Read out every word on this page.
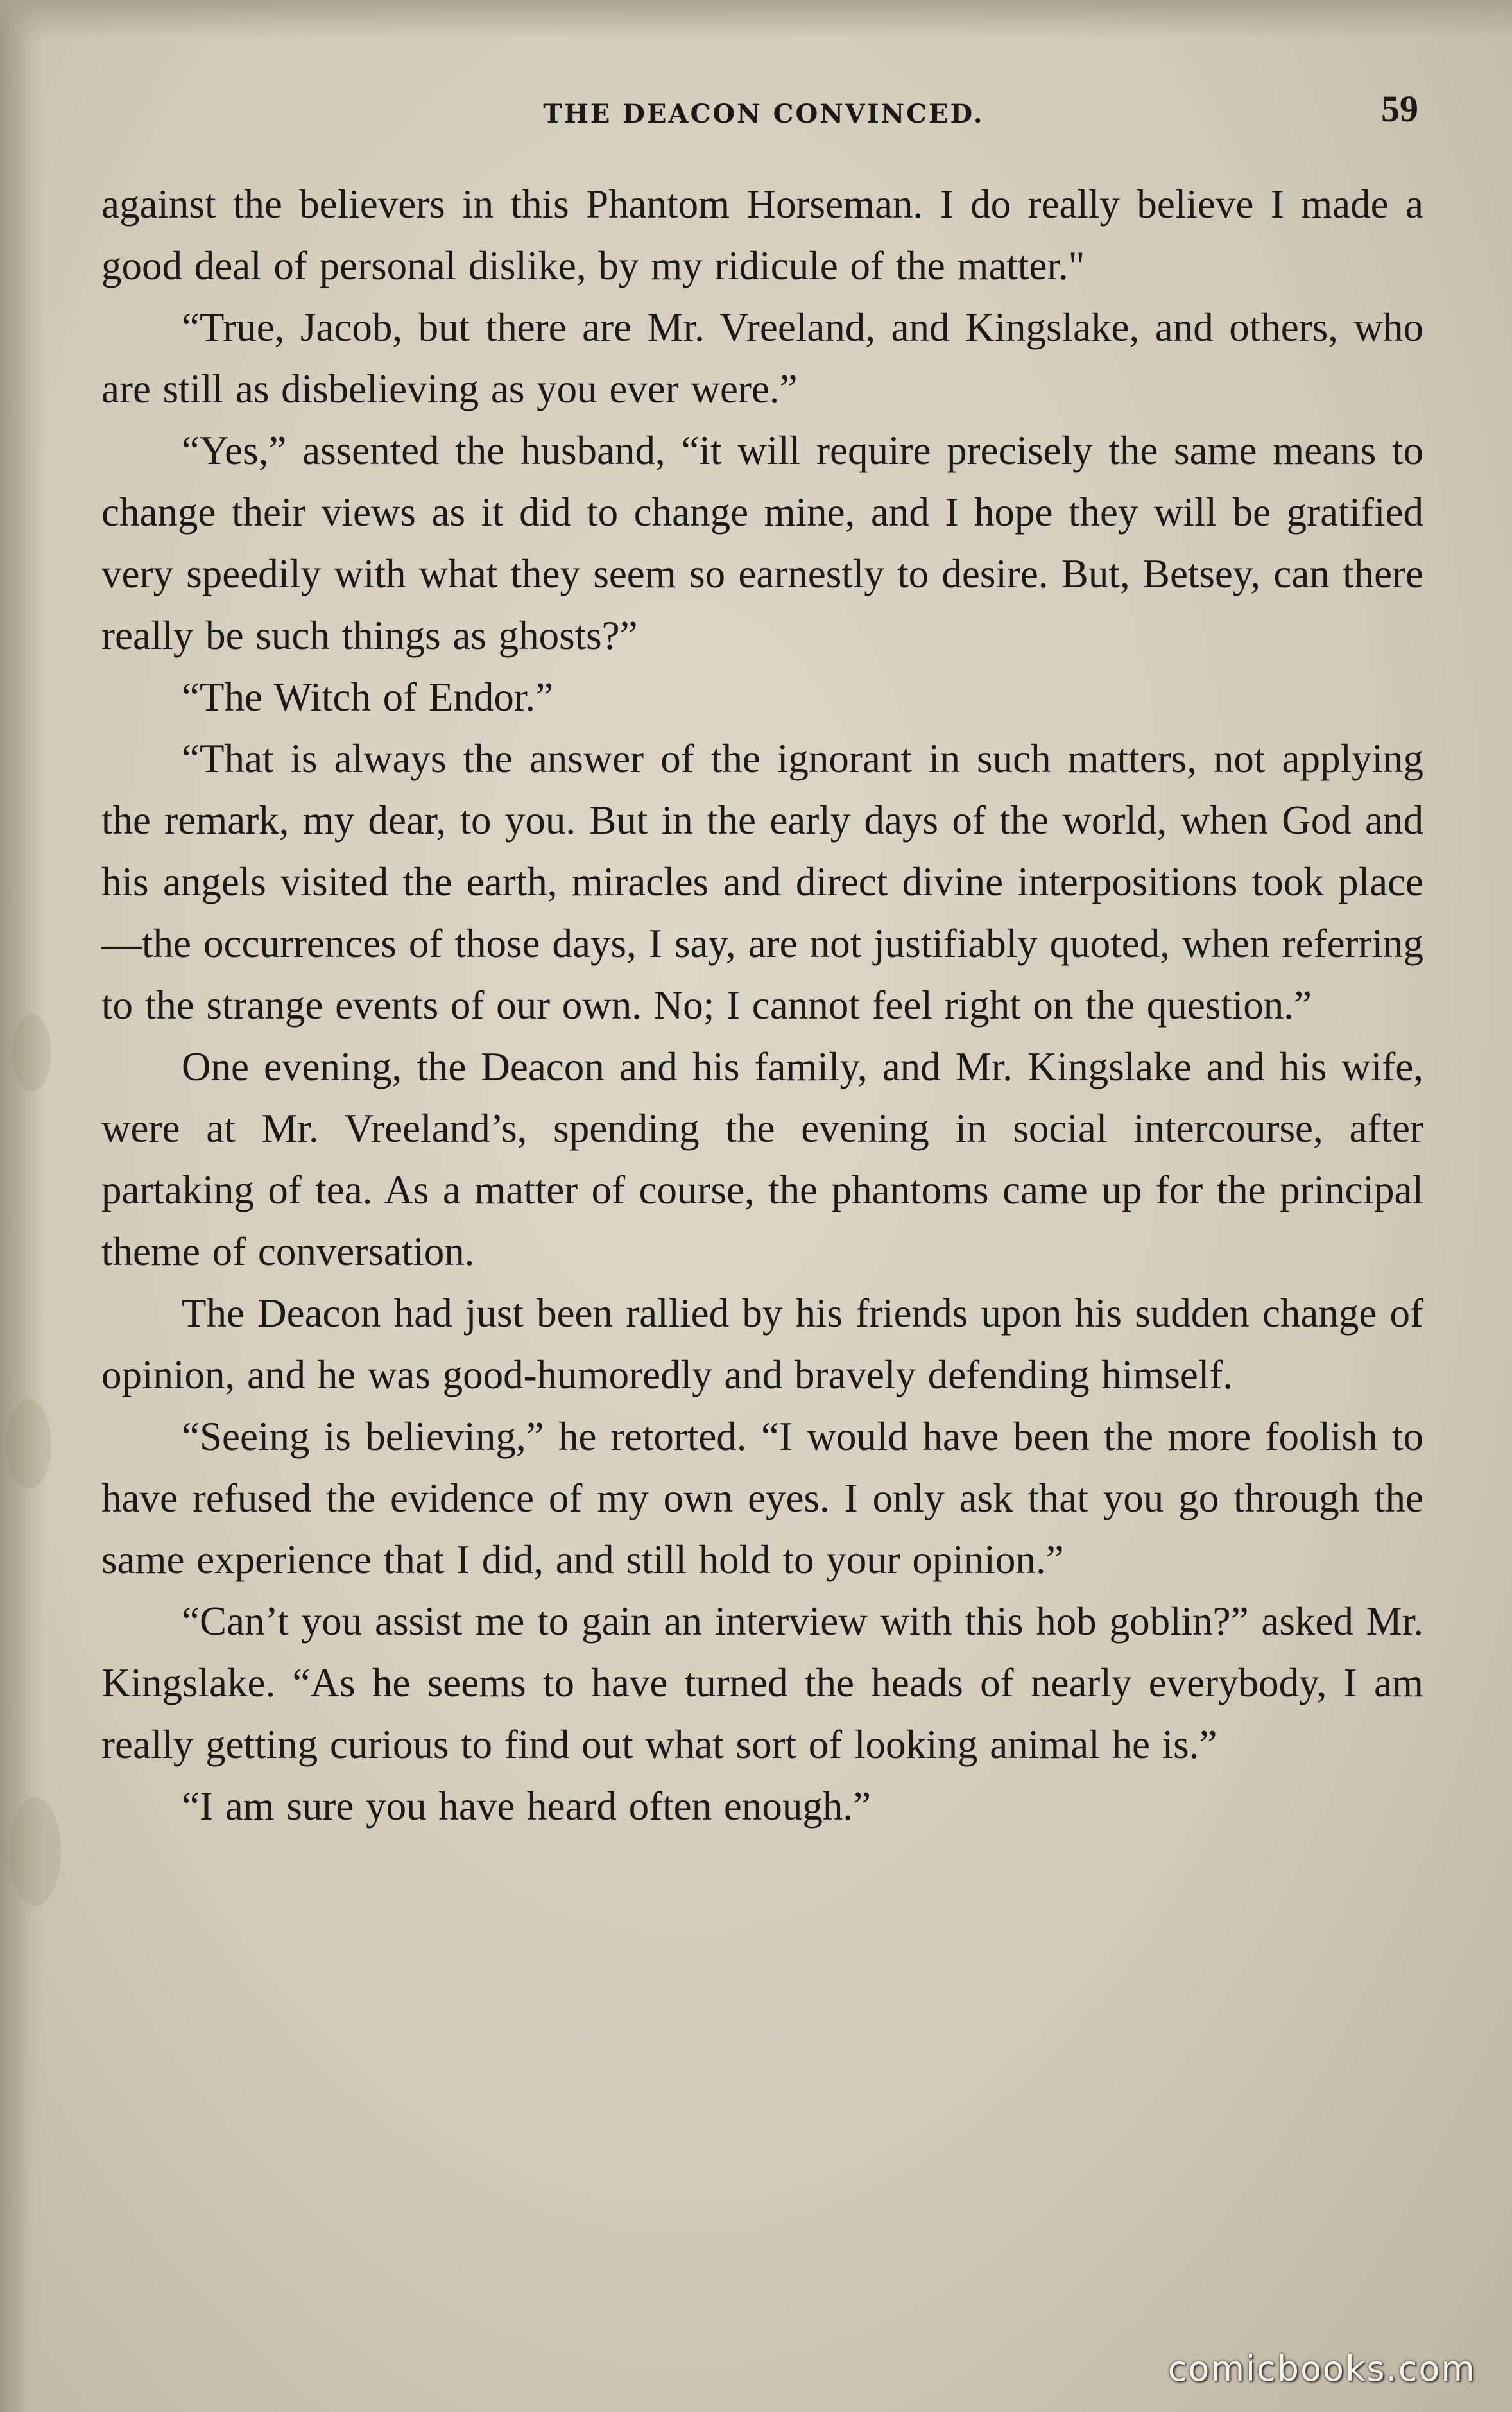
THE DEACON CONVINCED.	59

against the believers in this Phantom Horseman. I do really believe I made a good deal of personal dislike, by my ridicule of the matter."

“True, Jacob, but there are Mr. Vreeland, and Kingslake, and others, who are still as disbelieving as you ever were.”

“Yes,” assented the husband, “it will require precisely the same means to change their views as it did to change mine, and I hope they will be gratified very speedily with what they seem so earnestly to desire. But, Betsey, can there really be such things as ghosts?”

“The Witch of Endor.”

“That is always the answer of the ignorant in such matters, not applying the remark, my dear, to you. But in the early days of the world, when God and his angels visited the earth, miracles and direct divine interpositions took place—the occurrences of those days, I say, are not justifiably quoted, when referring to the strange events of our own. No; I cannot feel right on the question.”

One evening, the Deacon and his family, and Mr. Kingslake and his wife, were at Mr. Vreeland’s, spending the evening in social intercourse, after partaking of tea. As a matter of course, the phantoms came up for the principal theme of conversation.

The Deacon had just been rallied by his friends upon his sudden change of opinion, and he was good-humoredly and bravely defending himself.

“Seeing is believing,” he retorted. “I would have been the more foolish to have refused the evidence of my own eyes. I only ask that you go through the same experience that I did, and still hold to your opinion.”

“Can’t you assist me to gain an interview with this hob goblin?” asked Mr. Kingslake. “As he seems to have turned the heads of nearly everybody, I am really getting curious to find out what sort of looking animal he is.”

“I am sure you have heard often enough.”

comicbooks.com
